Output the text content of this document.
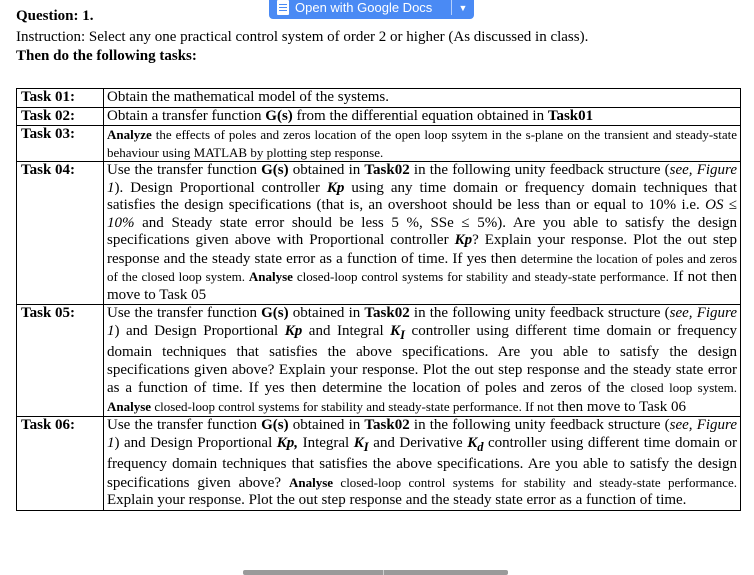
Open with Google Docs	▼
Question: 1.
Instruction: Select any one practical control system of order 2 or higher (As discussed in class).
Then do the following tasks:
Task 01:	Obtain the mathematical model of the systems.
Task 02:	Obtain a transfer function G(s) from the differential equation obtained in Task01
Task 03:	Analyze the effects of poles and zeros location of the open loop ssytem in the s-plane on the transient and steady-state behaviour using MATLAB by plotting step response.
Task 04:	Use the transfer function G(s) obtained in Task02 in the following unity feedback structure (see, Figure 1). Design Proportional controller Kp using any time domain or frequency domain techniques that satisfies the design specifications (that is, an overshoot should be less than or equal to 10% i.e. OS ≤ 10% and Steady state error should be less 5 %, SSe ≤ 5%). Are you able to satisfy the design specifications given above with Proportional controller Kp? Explain your response. Plot the out step response and the steady state error as a function of time. If yes then determine the location of poles and zeros of the closed loop system. Analyse closed-loop control systems for stability and steady-state performance. If not then move to Task 05
Task 05:	Use the transfer function G(s) obtained in Task02 in the following unity feedback structure (see, Figure 1) and Design Proportional Kp and Integral $K_I$ controller using different time domain or frequency domain techniques that satisfies the above specifications. Are you able to satisfy the design specifications given above? Explain your response. Plot the out step response and the steady state error as a function of time. If yes then determine the location of poles and zeros of the closed loop system. Analyse closed-loop control systems for stability and steady-state performance. If not then move to Task 06
Task 06:	Use the transfer function G(s) obtained in Task02 in the following unity feedback structure (see, Figure 1) and Design Proportional Kp, Integral $K_I$ and Derivative $K_d$ controller using different time domain or frequency domain techniques that satisfies the above specifications. Are you able to satisfy the design specifications given above? Analyse closed-loop control systems for stability and steady-state performance. Explain your response. Plot the out step response and the steady state error as a function of time.
